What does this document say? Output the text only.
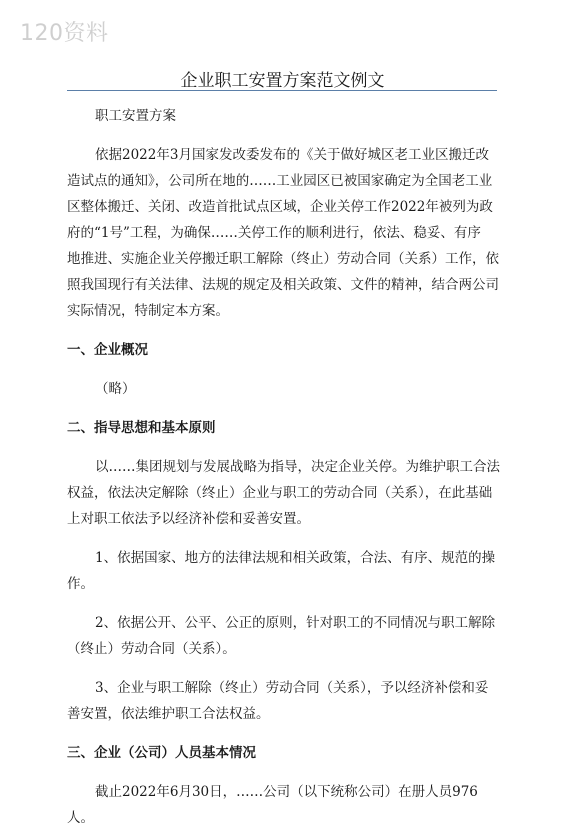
120资料
企业职工安置方案范文例文
职工安置方案
依据2022年3月国家发改委发布的《关于做好城区老工业区搬迁改
造试点的通知》，公司所在地的……工业园区已被国家确定为全国老工业
区整体搬迁、关闭、改造首批试点区域，企业关停工作2022年被列为政
府的“1号”工程，为确保……关停工作的顺利进行，依法、稳妥、有序
地推进、实施企业关停搬迁职工解除（终止）劳动合同（关系）工作，依
照我国现行有关法律、法规的规定及相关政策、文件的精神，结合两公司
实际情况，特制定本方案。
一、企业概况
（略）
二、指导思想和基本原则
以……集团规划与发展战略为指导，决定企业关停。为维护职工合法
权益，依法决定解除（终止）企业与职工的劳动合同（关系），在此基础
上对职工依法予以经济补偿和妥善安置。
1、依据国家、地方的法律法规和相关政策，合法、有序、规范的操
作。
2、依据公开、公平、公正的原则，针对职工的不同情况与职工解除
（终止）劳动合同（关系）。
3、企业与职工解除（终止）劳动合同（关系），予以经济补偿和妥
善安置，依法维护职工合法权益。
三、企业（公司）人员基本情况
截止2022年6月30日，……公司（以下统称公司）在册人员976
人。
